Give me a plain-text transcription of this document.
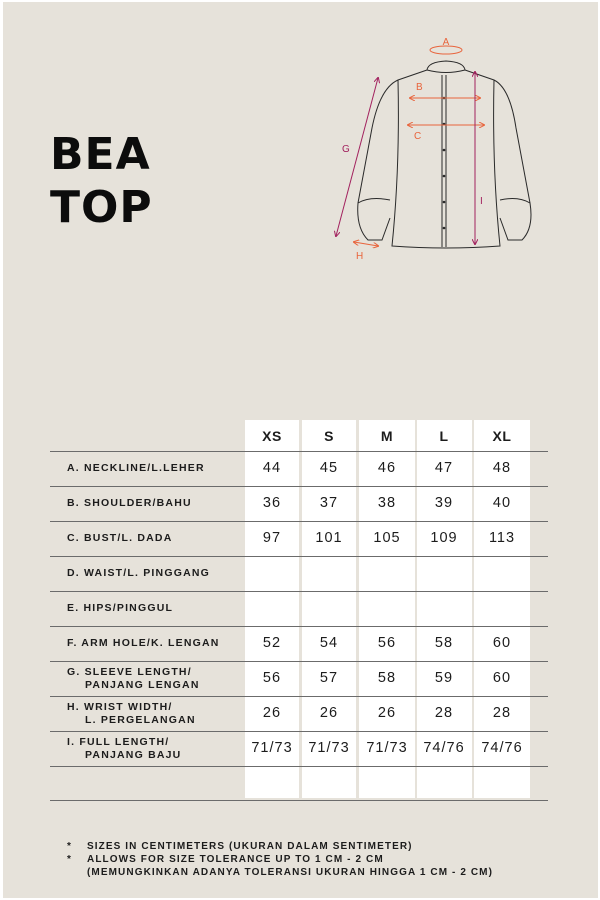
BEA
TOP
A
B
C
G
H
I
XS	S	M	L	XL
A. NECKLINE/L.LEHER	44	45	46	47	48
B. SHOULDER/BAHU	36	37	38	39	40
C. BUST/L. DADA	97	101	105	109	113
D. WAIST/L. PINGGANG
E. HIPS/PINGGUL
F. ARM HOLE/K. LENGAN	52	54	56	58	60
G. SLEEVE LENGTH/
PANJANG LENGAN	56	57	58	59	60
H. WRIST WIDTH/
L. PERGELANGAN	26	26	26	28	28
I. FULL LENGTH/
PANJANG BAJU	71/73	71/73	71/73	74/76	74/76
* SIZES IN CENTIMETERS (UKURAN DALAM SENTIMETER)
* ALLOWS FOR SIZE TOLERANCE UP TO 1 CM - 2 CM
(MEMUNGKINKAN ADANYA TOLERANSI UKURAN HINGGA 1 CM - 2 CM)
